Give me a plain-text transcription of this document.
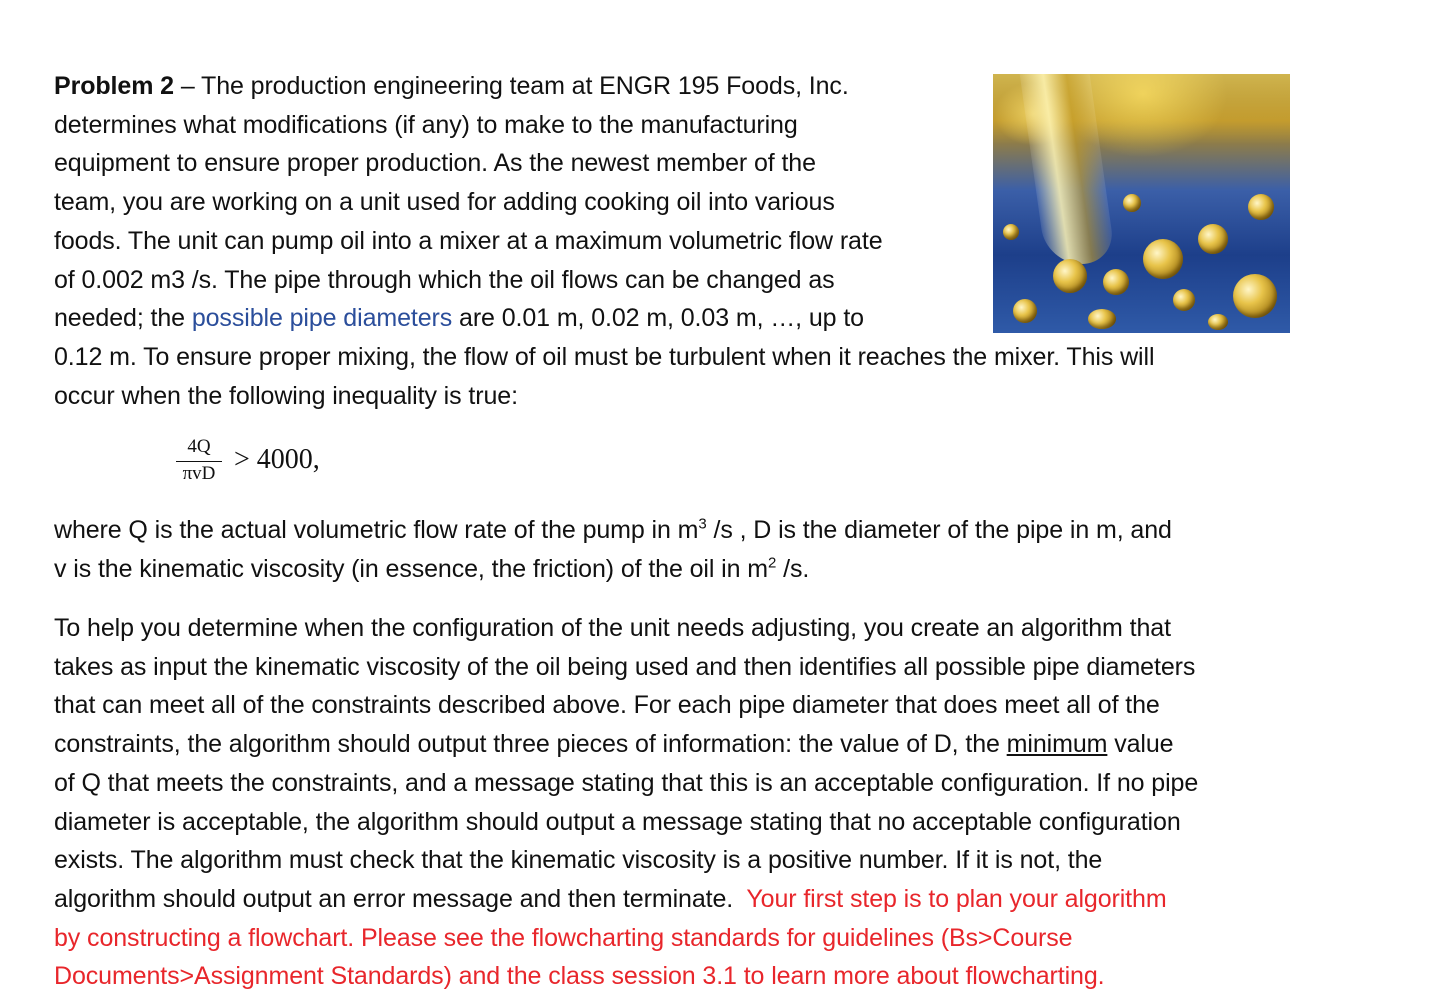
Problem 2 – The production engineering team at ENGR 195 Foods, Inc.
determines what modifications (if any) to make to the manufacturing
equipment to ensure proper production. As the newest member of the
team, you are working on a unit used for adding cooking oil into various
foods. The unit can pump oil into a mixer at a maximum volumetric flow rate
of 0.002 m3 /s. The pipe through which the oil flows can be changed as
needed; the possible pipe diameters are 0.01 m, 0.02 m, 0.03 m, …, up to
0.12 m. To ensure proper mixing, the flow of oil must be turbulent when it reaches the mixer. This will
occur when the following inequality is true:

4Q
πvD > 4000,

where Q is the actual volumetric flow rate of the pump in $m^3$ /s , D is the diameter of the pipe in m, and
v is the kinematic viscosity (in essence, the friction) of the oil in $m^2$ /s.

To help you determine when the configuration of the unit needs adjusting, you create an algorithm that
takes as input the kinematic viscosity of the oil being used and then identifies all possible pipe diameters
that can meet all of the constraints described above. For each pipe diameter that does meet all of the
constraints, the algorithm should output three pieces of information: the value of D, the minimum value
of Q that meets the constraints, and a message stating that this is an acceptable configuration. If no pipe
diameter is acceptable, the algorithm should output a message stating that no acceptable configuration
exists. The algorithm must check that the kinematic viscosity is a positive number. If it is not, the
algorithm should output an error message and then terminate.  Your first step is to plan your algorithm
by constructing a flowchart. Please see the flowcharting standards for guidelines (Bs>Course
Documents>Assignment Standards) and the class session 3.1 to learn more about flowcharting.
